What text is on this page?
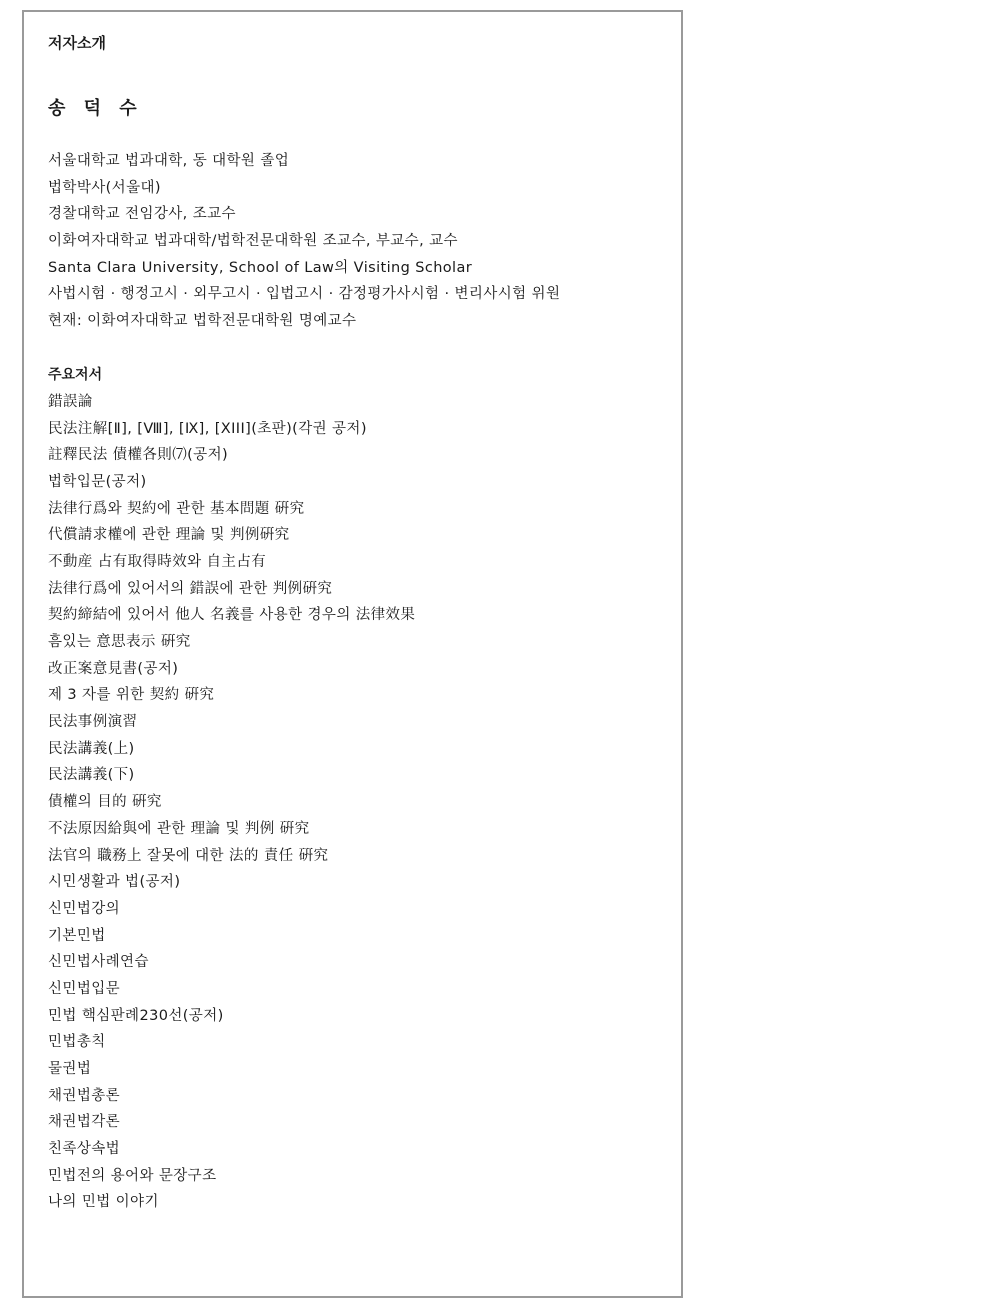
저자소개
송 덕 수
서울대학교 법과대학, 동 대학원 졸업
법학박사(서울대)
경찰대학교 전임강사, 조교수
이화여자대학교 법과대학/법학전문대학원 조교수, 부교수, 교수
Santa Clara University, School of Law의 Visiting Scholar
사법시험 · 행정고시 · 외무고시 · 입법고시 · 감정평가사시험 · 변리사시험 위원
현재: 이화여자대학교 법학전문대학원 명예교수
주요저서
錯誤論
民法注解[Ⅱ], [Ⅷ], [Ⅸ], [XIII](초판)(각권 공저)
註釋民法 債權各則⑺(공저)
법학입문(공저)
法律行爲와 契約에 관한 基本問題 硏究
代償請求權에 관한 理論 및 判例硏究
不動産 占有取得時效와 自主占有
法律行爲에 있어서의 錯誤에 관한 判例硏究
契約締結에 있어서 他人 名義를 사용한 경우의 法律效果
흠있는 意思表示 硏究
改正案意見書(공저)
제 3 자를 위한 契約 硏究
民法事例演習
民法講義(上)
民法講義(下)
債權의 目的 硏究
不法原因給與에 관한 理論 및 判例 硏究
法官의 職務上 잘못에 대한 法的 責任 硏究
시민생활과 법(공저)
신민법강의
기본민법
신민법사례연습
신민법입문
민법 핵심판례230선(공저)
민법총칙
물권법
채권법총론
채권법각론
친족상속법
민법전의 용어와 문장구조
나의 민법 이야기
